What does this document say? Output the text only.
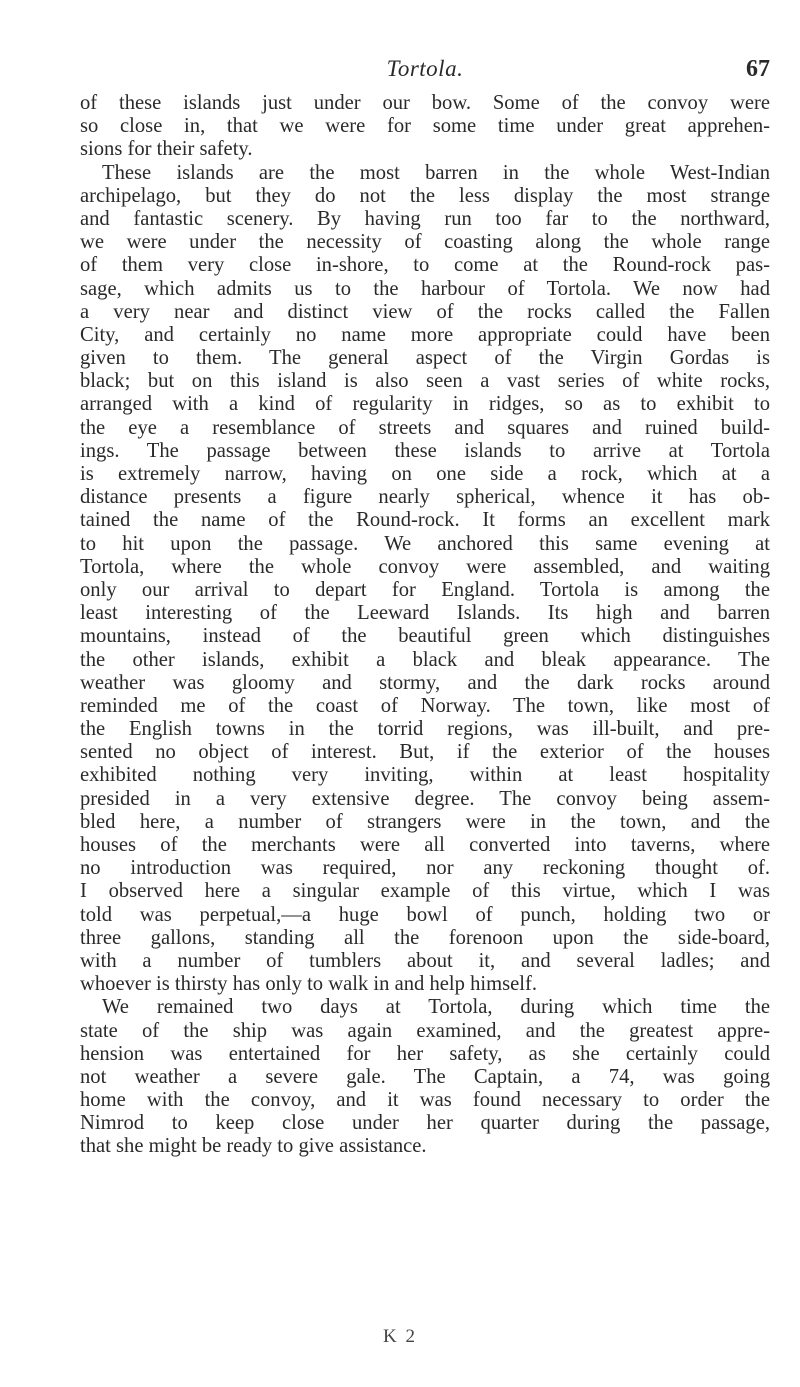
Tortola.	67
of these islands just under our bow. Some of the convoy were
so close in, that we were for some time under great apprehen-
sions for their safety.
These islands are the most barren in the whole West-Indian
archipelago, but they do not the less display the most strange
and fantastic scenery. By having run too far to the northward,
we were under the necessity of coasting along the whole range
of them very close in-shore, to come at the Round-rock pas-
sage, which admits us to the harbour of Tortola. We now had
a very near and distinct view of the rocks called the Fallen
City, and certainly no name more appropriate could have been
given to them. The general aspect of the Virgin Gordas is
black; but on this island is also seen a vast series of white rocks,
arranged with a kind of regularity in ridges, so as to exhibit to
the eye a resemblance of streets and squares and ruined build-
ings. The passage between these islands to arrive at Tortola
is extremely narrow, having on one side a rock, which at a
distance presents a figure nearly spherical, whence it has ob-
tained the name of the Round-rock. It forms an excellent mark
to hit upon the passage. We anchored this same evening at
Tortola, where the whole convoy were assembled, and waiting
only our arrival to depart for England. Tortola is among the
least interesting of the Leeward Islands. Its high and barren
mountains, instead of the beautiful green which distinguishes
the other islands, exhibit a black and bleak appearance. The
weather was gloomy and stormy, and the dark rocks around
reminded me of the coast of Norway. The town, like most of
the English towns in the torrid regions, was ill-built, and pre-
sented no object of interest. But, if the exterior of the houses
exhibited nothing very inviting, within at least hospitality
presided in a very extensive degree. The convoy being assem-
bled here, a number of strangers were in the town, and the
houses of the merchants were all converted into taverns, where
no introduction was required, nor any reckoning thought of.
I observed here a singular example of this virtue, which I was
told was perpetual,—a huge bowl of punch, holding two or
three gallons, standing all the forenoon upon the side-board,
with a number of tumblers about it, and several ladles; and
whoever is thirsty has only to walk in and help himself.
We remained two days at Tortola, during which time the
state of the ship was again examined, and the greatest appre-
hension was entertained for her safety, as she certainly could
not weather a severe gale. The Captain, a 74, was going
home with the convoy, and it was found necessary to order the
Nimrod to keep close under her quarter during the passage,
that she might be ready to give assistance.
K 2
